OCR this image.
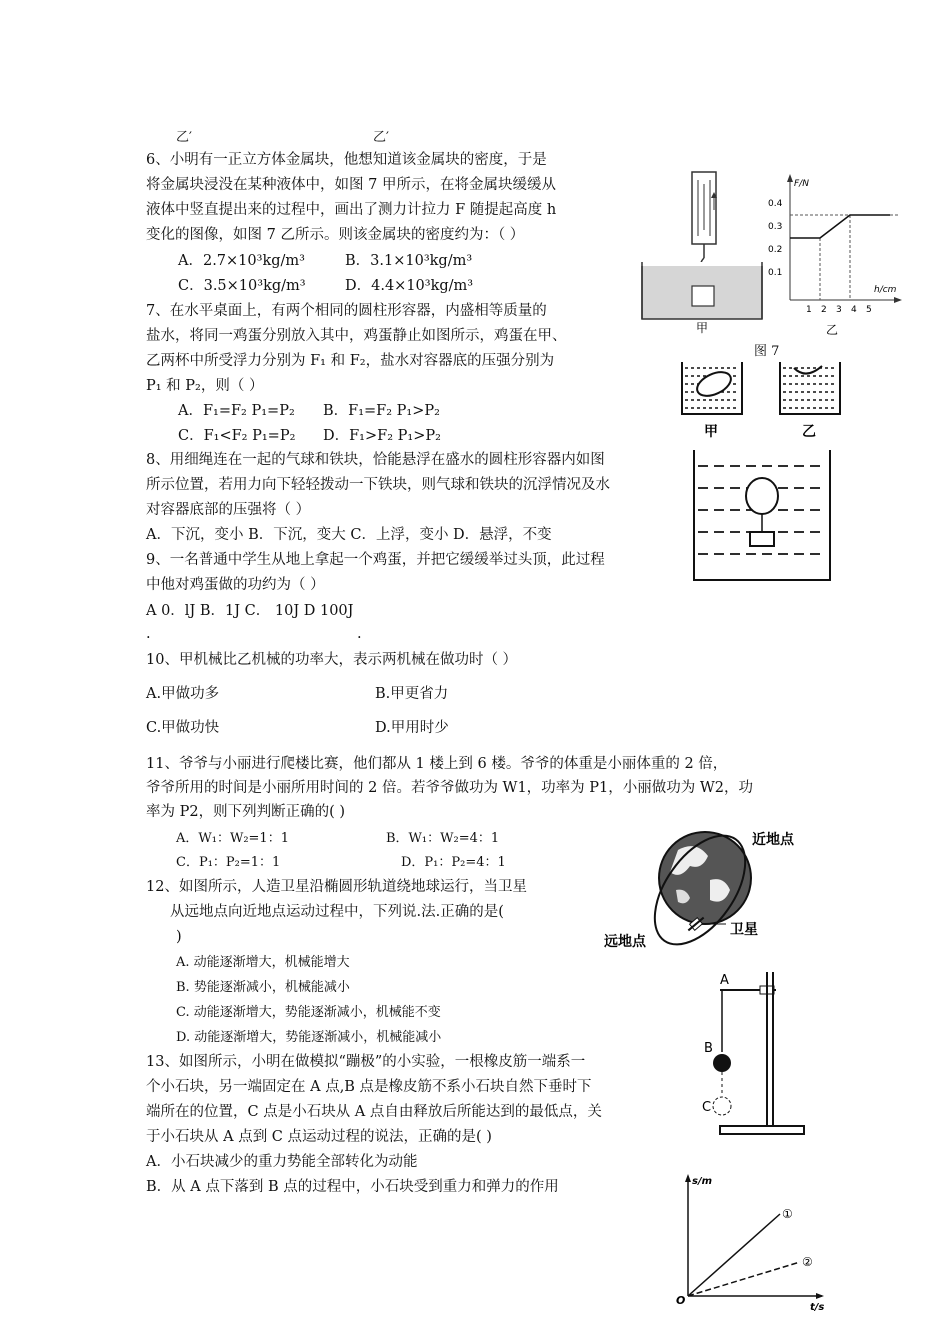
乙′	乙′
6、小明有一正立方体金属块，他想知道该金属块的密度，于是
将金属块浸没在某种液体中，如图 7 甲所示，在将金属块缓缓从
液体中竖直提出来的过程中，画出了测力计拉力 F 随提起高度 h
变化的图像，如图 7 乙所示。则该金属块的密度约为：（ ）
A．2.7×10³kg/m³	B．3.1×10³kg/m³
C．3.5×10³kg/m³	D．4.4×10³kg/m³
甲
F/N
h/cm
0.4
0.3
0.2
0.1
1 2 3 4 5
乙
图 7
7、在水平桌面上，有两个相同的圆柱形容器，内盛相等质量的
盐水，将同一鸡蛋分别放入其中，鸡蛋静止如图所示，鸡蛋在甲、
乙两杯中所受浮力分别为 F₁ 和 F₂，盐水对容器底的压强分别为
P₁ 和 P₂，则（ ）
A．F₁=F₂ P₁=P₂ B．F₁=F₂ P₁>P₂
C．F₁<F₂ P₁=P₂ D．F₁>F₂ P₁>P₂	甲	乙
8、用细绳连在一起的气球和铁块，恰能悬浮在盛水的圆柱形容器内如图
所示位置，若用力向下轻轻拨动一下铁块，则气球和铁块的沉浮情况及水
对容器底部的压强将（ ）
A．下沉，变小 B．下沉，变大 C．上浮，变小 D．悬浮，不变
9、一名普通中学生从地上拿起一个鸡蛋，并把它缓缓举过头顶，此过程
中他对鸡蛋做的功约为（ ）
A 0．lJ B．1J C． 10J D 100J
.	.
10、甲机械比乙机械的功率大，表示两机械在做功时（ ）
A.甲做功多	B.甲更省力
C.甲做功快	D.甲用时少
11、爷爷与小丽进行爬楼比赛，他们都从 1 楼上到 6 楼。爷爷的体重是小丽体重的 2 倍，
爷爷所用的时间是小丽所用时间的 2 倍。若爷爷做功为 W1，功率为 P1，小丽做功为 W2，功
率为 P2，则下列判断正确的( )
A．W₁：W₂=1：1	B．W₁：W₂=4：1
C．P₁：P₂=1：1	D．P₁：P₂=4：1
近地点
远地点
卫星
12、如图所示，人造卫星沿椭圆形轨道绕地球运行，当卫星
从远地点向近地点运动过程中，下列说.法.正确的是(
)
A. 动能逐渐增大，机械能增大
B. 势能逐渐减小，机械能减小
C. 动能逐渐增大，势能逐渐减小，机械能不变
D. 动能逐渐增大，势能逐渐减小，机械能减小
A
B
C
13、如图所示，小明在做模拟“蹦极”的小实验，一根橡皮筋一端系一
个小石块，另一端固定在 A 点,B 点是橡皮筋不系小石块自然下垂时下
端所在的位置，C 点是小石块从 A 点自由释放后所能达到的最低点，关
于小石块从 A 点到 C 点运动过程的说法，正确的是( )
A．小石块减少的重力势能全部转化为动能
B．从 A 点下落到 B 点的过程中，小石块受到重力和弹力的作用	s/m
t/s
O
①
②
